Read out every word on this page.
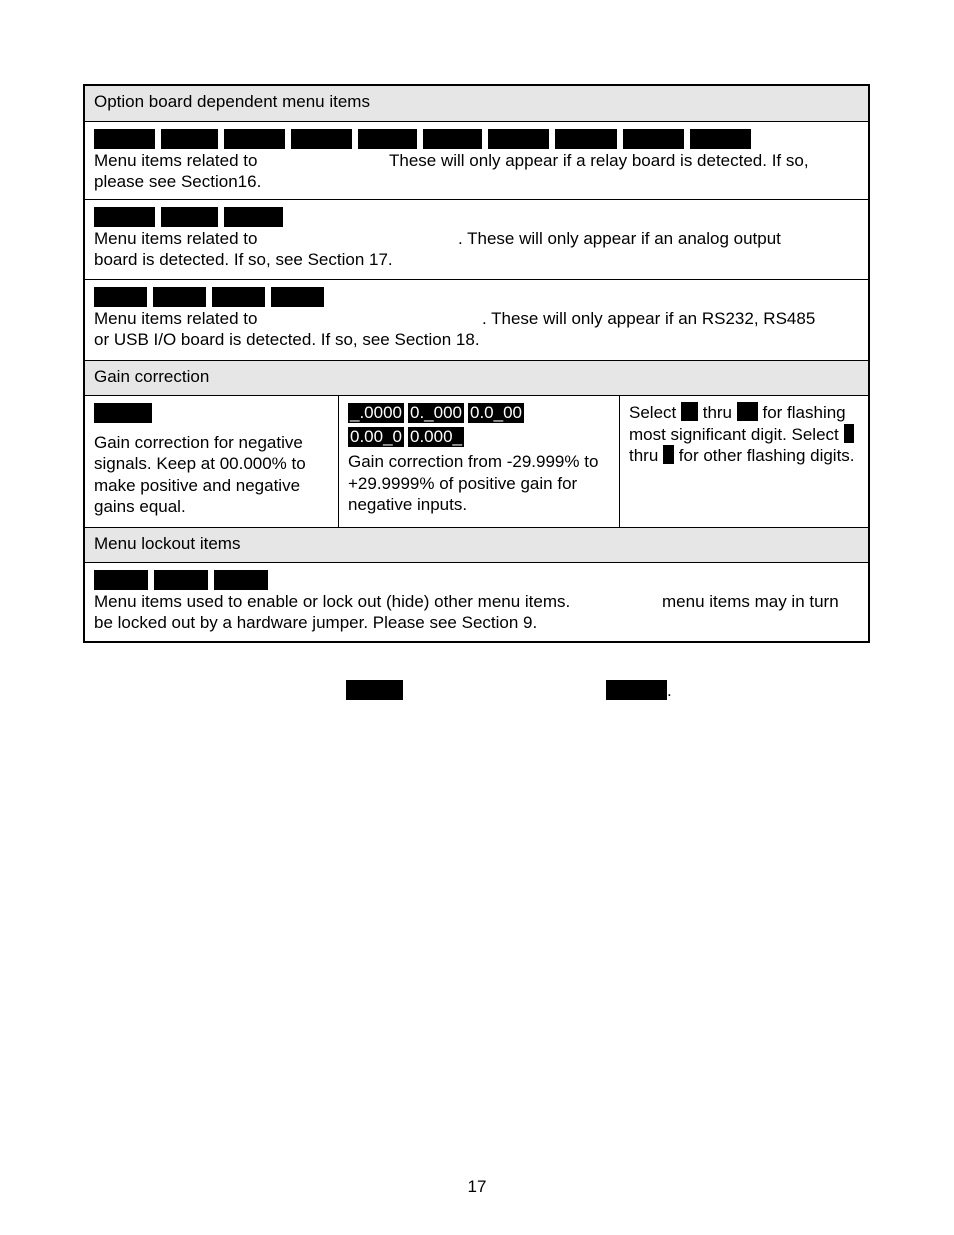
Option board dependent menu items
Menu items related to	These will only appear if a relay board is detected. If so,

please see Section16.
Menu items related to	. These will only appear if an analog output

board is detected. If so, see Section 17.
Menu items related to	. These will only appear if an RS232, RS485

or USB I/O board is detected. If so, see Section 18.
Gain correction
Gain correction for negative signals. Keep at 00.000% to make positive and negative gains equal.
_.0000 0._000 0.0_00
0.00_0 0.000_
Gain correction from -29.999% to +29.9999% of positive gain for negative inputs.
Select thru for flashing most significant digit. Select  thru for other flashing digits.
Menu lockout items
Menu items used to enable or lock out (hide) other menu items.	menu items may in turn

be locked out by a hardware jumper. Please see Section 9.
.
17
